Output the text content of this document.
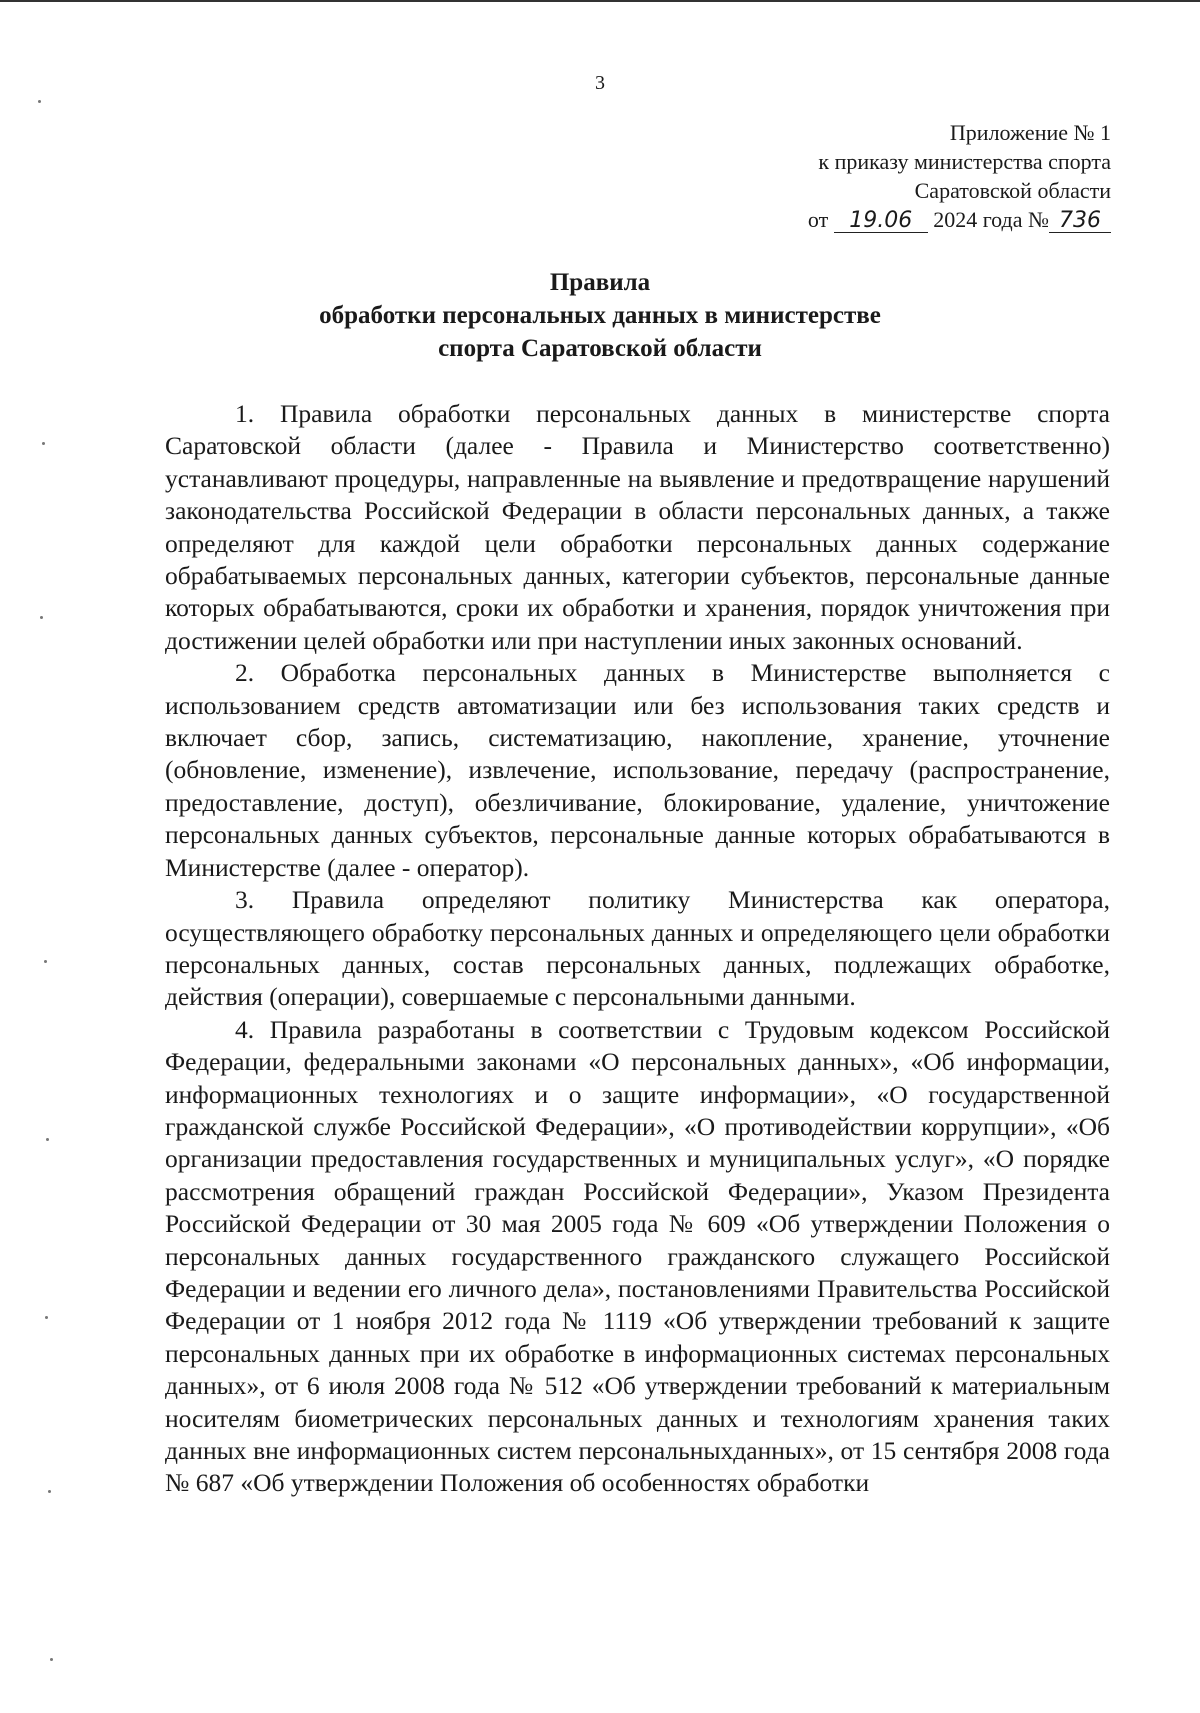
3
Приложение № 1
к приказу министерства спорта
Саратовской области
от 19.06 2024 года № 736
Правила
обработки персональных данных в министерстве
спорта Саратовской области

1. Правила обработки персональных данных в министерстве спорта Саратовской области (далее - Правила и Министерство соответственно) устанавливают процедуры, направленные на выявление и предотвращение нарушений законодательства Российской Федерации в области персональных данных, а также определяют для каждой цели обработки персональных данных содержание обрабатываемых персональных данных, категории субъектов, персональные данные которых обрабатываются, сроки их обработки и хранения, порядок уничтожения при достижении целей обработки или при наступлении иных законных оснований.

2. Обработка персональных данных в Министерстве выполняется с использованием средств автоматизации или без использования таких средств и включает сбор, запись, систематизацию, накопление, хранение, уточнение (обновление, изменение), извлечение, использование, передачу (распространение, предоставление, доступ), обезличивание, блокирование, удаление, уничтожение персональных данных субъектов, персональные данные которых обрабатываются в Министерстве (далее - оператор).

3. Правила определяют политику Министерства как оператора, осуществляющего обработку персональных данных и определяющего цели обработки персональных данных, состав персональных данных, подлежащих обработке, действия (операции), совершаемые с персональными данными.

4. Правила разработаны в соответствии с Трудовым кодексом Российской Федерации, федеральными законами «О персональных данных», «Об информации, информационных технологиях и о защите информации», «О государственной гражданской службе Российской Федерации», «О противодействии коррупции», «Об организации предоставления государственных и муниципальных услуг», «О порядке рассмотрения обращений граждан Российской Федерации», Указом Президента Российской Федерации от 30 мая 2005 года № 609 «Об утверждении Положения о персональных данных государственного гражданского служащего Российской Федерации и ведении его личного дела», постановлениями Правительства Российской Федерации от 1 ноября 2012 года № 1119 «Об утверждении требований к защите персональных данных при их обработке в информационных системах персональных данных», от 6 июля 2008 года № 512 «Об утверждении требований к материальным носителям биометрических персональных данных и технологиям хранения таких данных вне информационных систем персональныхданных», от 15 сентября 2008 года № 687 «Об утверждении Положения об особенностях обработки
